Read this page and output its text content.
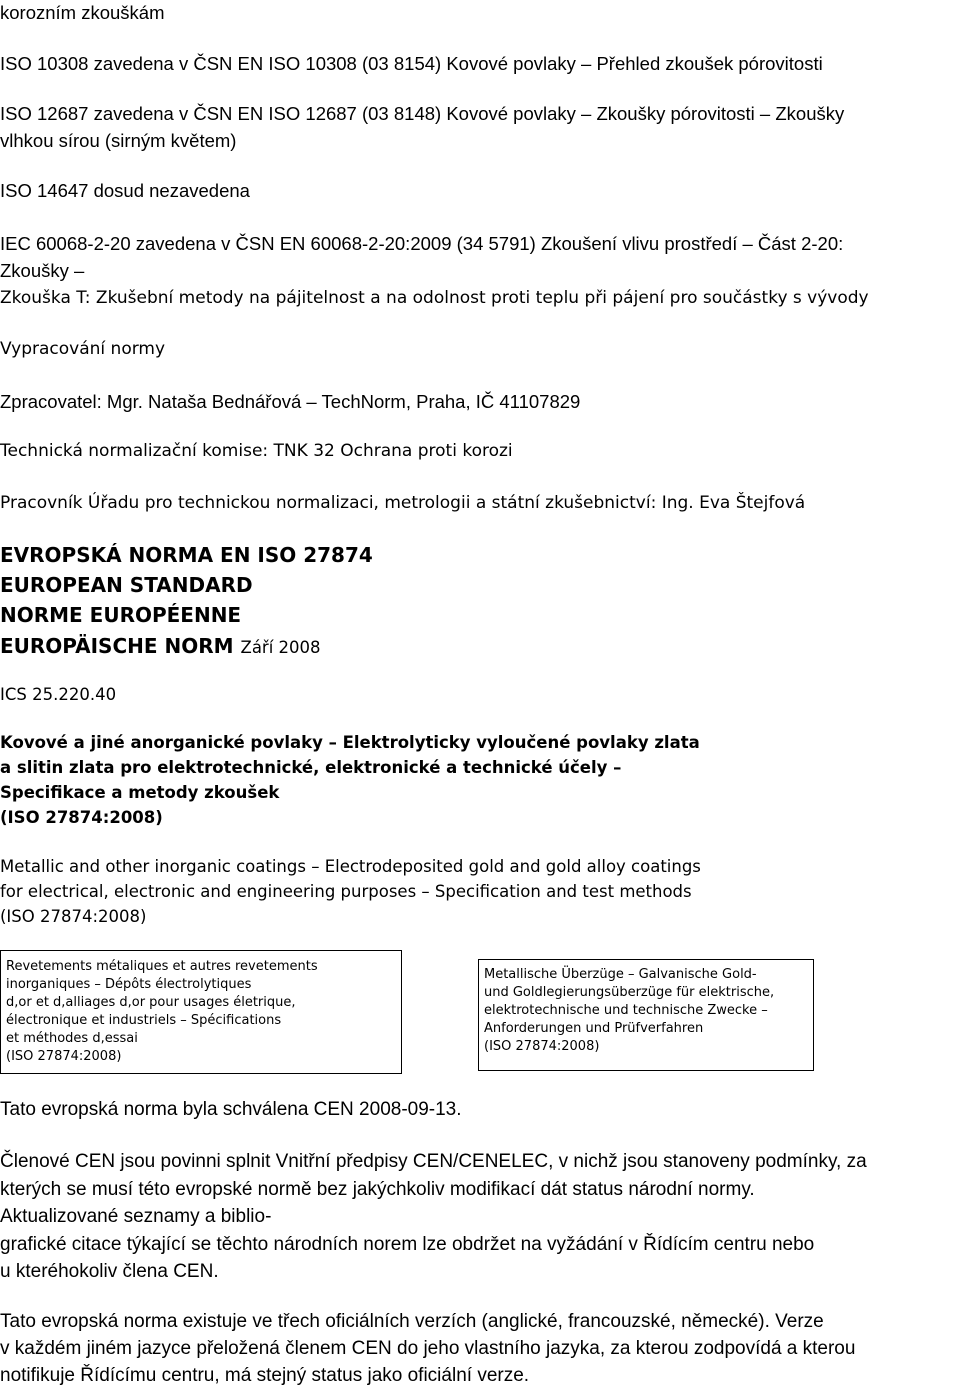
korozním zkouškám
ISO 10308 zavedena v ČSN EN ISO 10308 (03 8154) Kovové povlaky – Přehled zkoušek pórovitosti
ISO 12687 zavedena v ČSN EN ISO 12687 (03 8148) Kovové povlaky – Zkoušky pórovitosti – Zkoušky
vlhkou sírou (sirným květem)
ISO 14647 dosud nezavedena
IEC 60068-2-20 zavedena v ČSN EN 60068-2-20:2009 (34 5791) Zkoušení vlivu prostředí – Část 2-20:
Zkoušky –
Zkouška T: Zkušební metody na pájitelnost a na odolnost proti teplu při pájení pro součástky s vývody
Vypracování normy
Zpracovatel: Mgr. Nataša Bednářová – TechNorm, Praha, IČ 41107829
Technická normalizační komise: TNK 32 Ochrana proti korozi
Pracovník Úřadu pro technickou normalizaci, metrologii a státní zkušebnictví: Ing. Eva Štejfová
EVROPSKÁ NORMA EN ISO 27874
EUROPEAN STANDARD
NORME EUROPÉENNE
EUROPÄISCHE NORM Září 2008
ICS 25.220.40
Kovové a jiné anorganické povlaky – Elektrolyticky vyloučené povlaky zlata
a slitin zlata pro elektrotechnické, elektronické a technické účely –
Specifikace a metody zkoušek
(ISO 27874:2008)
Metallic and other inorganic coatings – Electrodeposited gold and gold alloy coatings
for electrical, electronic and engineering purposes – Specification and test methods
(ISO 27874:2008)
Revetements métaliques et autres revetements
inorganiques – Dépôts électrolytiques
d,or et d,alliages d,or pour usages életrique,
électronique et industriels – Spécifications
et méthodes d,essai
(ISO 27874:2008)
Metallische Überzüge – Galvanische Gold-
und Goldlegierungsüberzüge für elektrische,
elektrotechnische und technische Zwecke –
Anforderungen und Prüfverfahren
(ISO 27874:2008)
Tato evropská norma byla schválena CEN 2008-09-13.
Členové CEN jsou povinni splnit Vnitřní předpisy CEN/CENELEC, v nichž jsou stanoveny podmínky, za
kterých se musí této evropské normě bez jakýchkoliv modifikací dát status národní normy.
Aktualizované seznamy a biblio-
grafické citace týkající se těchto národních norem lze obdržet na vyžádání v Řídícím centru nebo
u kteréhokoliv člena CEN.
Tato evropská norma existuje ve třech oficiálních verzích (anglické, francouzské, německé). Verze
v každém jiném jazyce přeložená členem CEN do jeho vlastního jazyka, za kterou zodpovídá a kterou
notifikuje Řídícímu centru, má stejný status jako oficiální verze.
